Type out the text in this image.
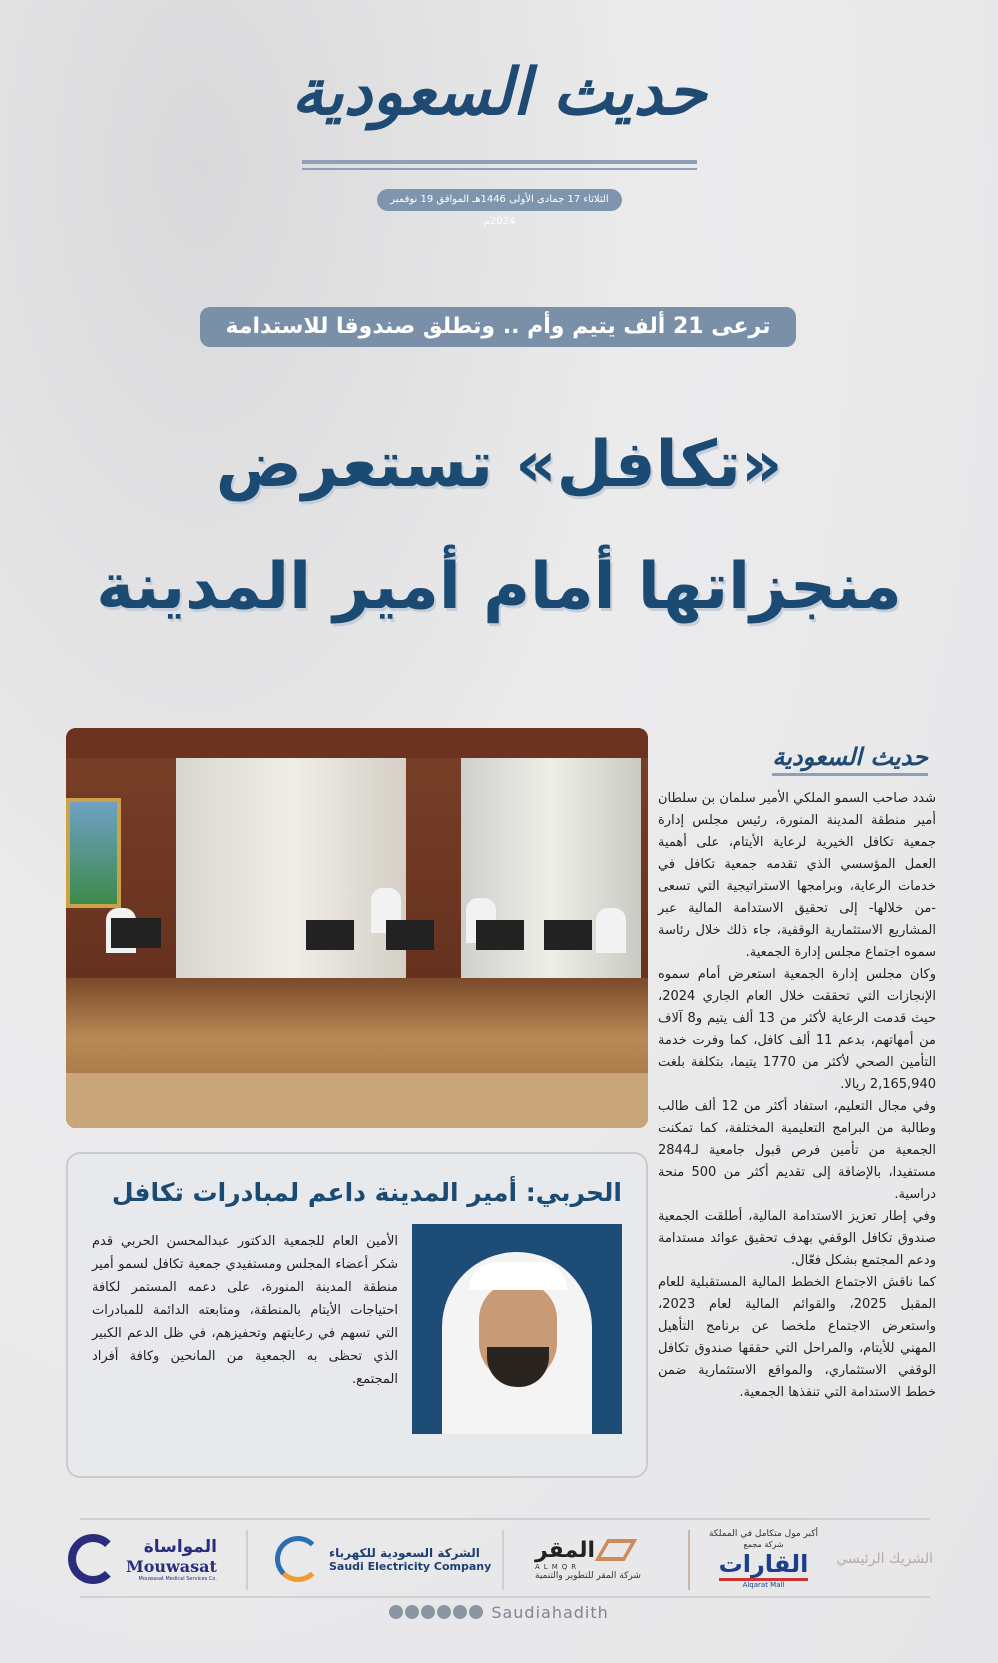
حديث السعودية
الثلاثاء 17 جمادى الأولى 1446هـ الموافق 19 نوفمبر 2024م
ترعى 21 ألف يتيم وأم .. وتطلق صندوقا للاستدامة
«تكافل» تستعرض
منجزاتها أمام أمير المدينة
حديث السعودية

شدد صاحب السمو الملكي الأمير سلمان بن سلطان أمير منطقة المدينة المنورة، رئيس مجلس إدارة جمعية تكافل الخيرية لرعاية الأيتام، على أهمية العمل المؤسسي الذي تقدمه جمعية تكافل في خدمات الرعاية، وبرامجها الاستراتيجية التي تسعى -من خلالها- إلى تحقيق الاستدامة المالية عبر المشاريع الاستثمارية الوقفية، جاء ذلك خلال رئاسة سموه اجتماع مجلس إدارة الجمعية.

وكان مجلس إدارة الجمعية استعرض أمام سموه الإنجازات التي تحققت خلال العام الجاري 2024، حيث قدمت الرعاية لأكثر من 13 ألف يتيم و8 آلاف من أمهاتهم، بدعم 11 ألف كافل، كما وفرت خدمة التأمين الصحي لأكثر من 1770 يتيما، بتكلفة بلغت 2,165,940 ريالا.

وفي مجال التعليم، استفاد أكثر من 12 ألف طالب وطالبة من البرامج التعليمية المختلفة، كما تمكنت الجمعية من تأمين فرص قبول جامعية لـ2844 مستفيدا، بالإضافة إلى تقديم أكثر من 500 منحة دراسية.

وفي إطار تعزيز الاستدامة المالية، أطلقت الجمعية صندوق تكافل الوقفي بهدف تحقيق عوائد مستدامة ودعم المجتمع بشكل فعّال.

كما ناقش الاجتماع الخطط المالية المستقبلية للعام المقبل 2025، والقوائم المالية لعام 2023، واستعرض الاجتماع ملخصا عن برنامج التأهيل المهني للأيتام، والمراحل التي حققها صندوق تكافل الوقفي الاستثماري، والمواقع الاستثمارية ضمن خطط الاستدامة التي تنفذها الجمعية.

الحربي: أمير المدينة داعم لمبادرات تكافل
الأمين العام للجمعية الدكتور عبدالمحسن الحربي قدم شكر أعضاء المجلس ومستفيدي جمعية تكافل لسمو أمير منطقة المدينة المنورة، على دعمه المستمر لكافة احتياجات الأيتام بالمنطقة، ومتابعته الدائمة للمبادرات التي تسهم في رعايتهم وتحفيزهم، في ظل الدعم الكبير الذي تحظى به الجمعية من المانحين وكافة أفراد المجتمع.
الشريك الرئيسي
أكبر مول متكامل في المملكة
شركة مجمع
القارات
Alqarat Mall
المقر
ALMQR
شركة المقر للتطوير والتنمية
الشركة السعودية للكهرباء
Saudi Electricity Company
المواساة
Mouwasat
Mouwasat Medical Services Co.
Saudiahadith
